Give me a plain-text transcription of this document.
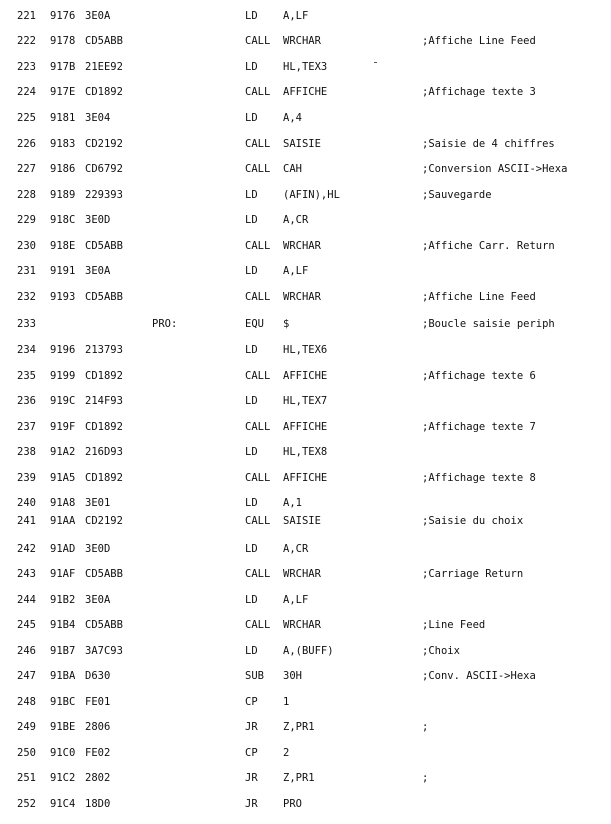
221 9176 3E0A	LD A,LF
222 9178 CD5ABB	CALL WRCHAR	;Affiche Line Feed
223 917B 21EE92	LD HL,TEX3
224 917E CD1892	CALL AFFICHE	;Affichage texte 3
225 9181 3E04	LD A,4
226 9183 CD2192	CALL SAISIE	;Saisie de 4 chiffres
227 9186 CD6792	CALL CAH	;Conversion ASCII->Hexa
228 9189 229393	LD (AFIN),HL	;Sauvegarde
229 918C 3E0D	LD A,CR
230 918E CD5ABB	CALL WRCHAR	;Affiche Carr. Return
231 9191 3E0A	LD A,LF
232 9193 CD5ABB	CALL WRCHAR	;Affiche Line Feed
233	PRO:	EQU $	;Boucle saisie periph
234 9196 213793	LD HL,TEX6
235 9199 CD1892	CALL AFFICHE	;Affichage texte 6
236 919C 214F93	LD HL,TEX7
237 919F CD1892	CALL AFFICHE	;Affichage texte 7
238 91A2 216D93	LD HL,TEX8
239 91A5 CD1892	CALL AFFICHE	;Affichage texte 8
240 91A8 3E01	LD A,1
241 91AA CD2192	CALL SAISIE	;Saisie du choix
242 91AD 3E0D	LD A,CR
243 91AF CD5ABB	CALL WRCHAR	;Carriage Return
244 91B2 3E0A	LD A,LF
245 91B4 CD5ABB	CALL WRCHAR	;Line Feed
246 91B7 3A7C93	LD A,(BUFF)	;Choix
247 91BA D630	SUB 30H	;Conv. ASCII->Hexa
248 91BC FE01	CP 1
249 91BE 2806	JR Z,PR1	;
250 91C0 FE02	CP 2
251 91C2 2802	JR Z,PR1	;
252 91C4 18D0	JR PRO
